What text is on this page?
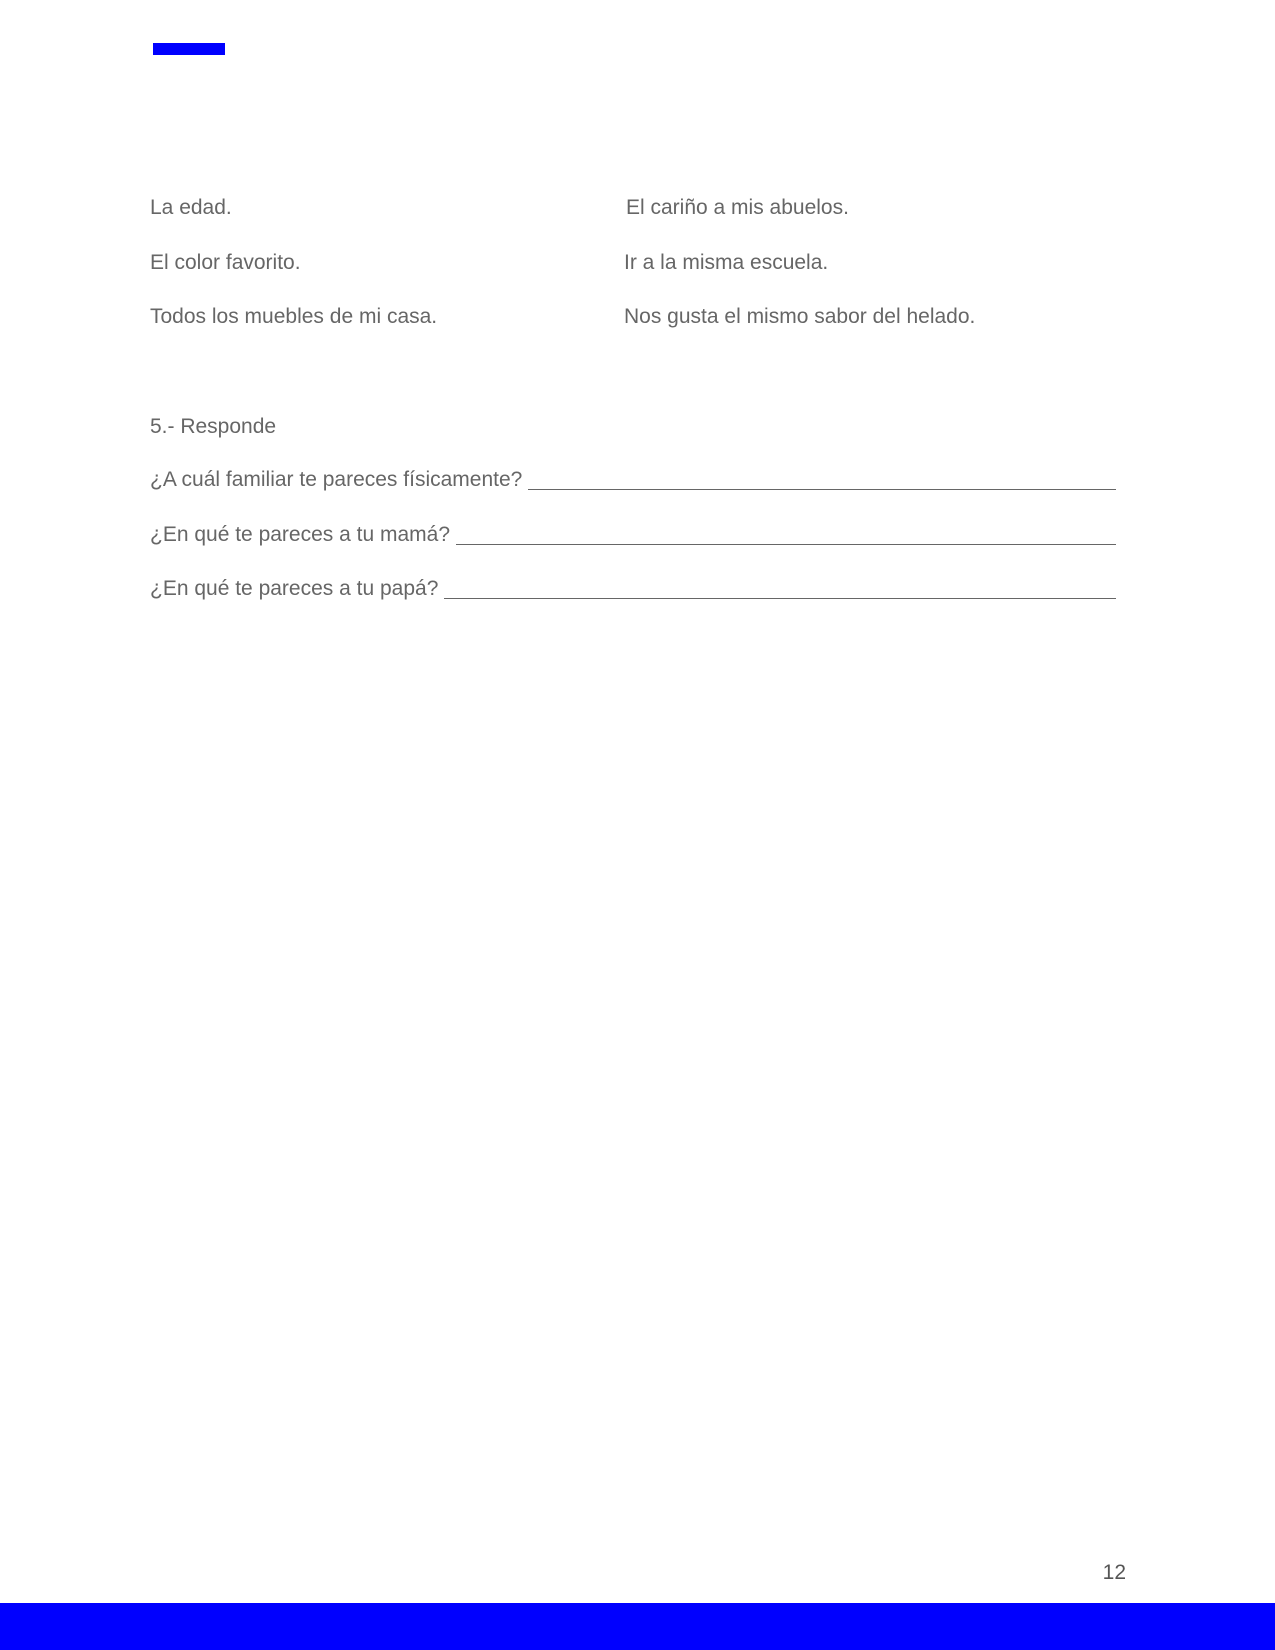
La edad.

El color favorito.

Todos los muebles de mi casa.

El cariño a mis abuelos.

Ir a la misma escuela.

Nos gusta el mismo sabor del helado.

5.- Responde
¿A cuál familiar te pareces físicamente?
¿En qué te pareces a tu mamá?
¿En qué te pareces a tu papá?
12
